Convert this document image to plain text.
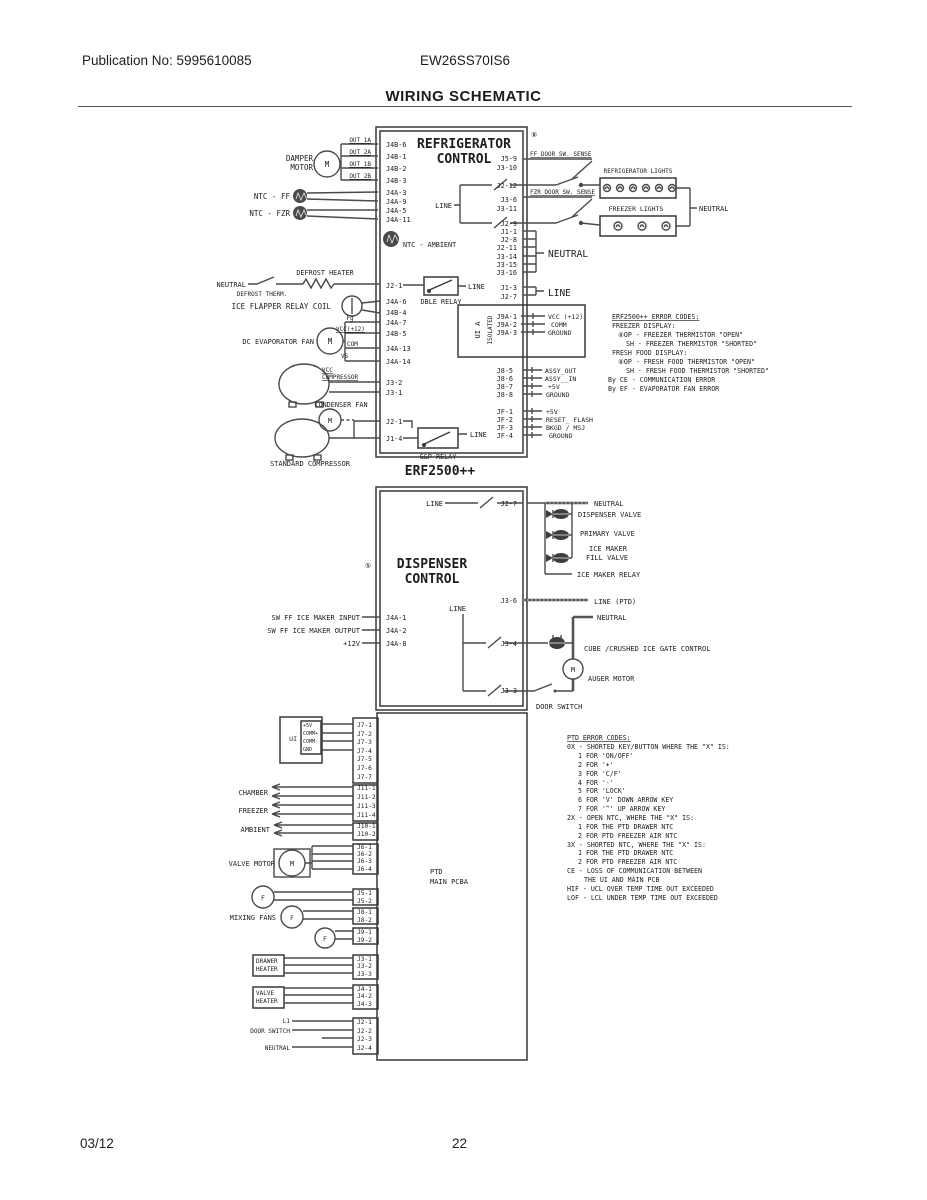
Publication No: 5995610085	EW26SS70IS6
WIRING SCHEMATIC
REFRIGERATOR
CONTROL
⑧
DAMPER
MOTOR M
OUT 1A
OUT 2A
OUT 1B
OUT 2B
J4B-6
J4B-1
J4B-2
J4B-3
J4A-3
J4A-9
J4A-5
J4A-11
NTC - FF
NTC - FZR
J5-9
J3-10
J2-12
FF DOOR SW. SENSE
REFRIGERATOR LIGHTS
FZR DOOR SW. SENSE
FREEZER LIGHTS	NEUTRAL
LINE
J3-6
J3-11
J2-9
J1-1
J2-8
J2-11
J3-14
J3-15
J3-16
NEUTRAL
J1-3
J2-7	LINE
NTC - AMBIENT
NEUTRAL
DEFROST HEATER
DEFROST THERM.
J2-1	LINE
DBLE RELAY
ICE FLAPPER RELAY COIL	J4A-6
J4B-4
DC EVAPORATOR FAN M
Fg
VCC(+12)
COM
VS
J4A-7
J4B-5
J4A-13
J4A-14
VCC
COMPRESSOR
J3-2
J3-1
CONDENSER FAN
M	J2-1
J1-4
G&P RELAY
LINE
STANDARD COMPRESSOR
UI A ISOLATED J9A-1
J9A-2
J9A-3
VCC (+12)
COMM
GROUND
J8-5
J8-6
J8-7
J8-8
ASSY_OUT
ASSY__IN
+5V
GROUND
JF-1
JF-2
JF-3
JF-4
+5V
RESET_ FLASH
BKGD / MSJ
GROUND
ERF2500++
ERF2500++ ERROR CODES:
FREEZER DISPLAY:
⑧OP - FREEZER THERMISTOR "OPEN"
SH - FREEZER THERMISTOR "SHORTED"
FRESH FOOD DISPLAY:
⑧OP - FRESH FOOD THERMISTOR "OPEN"
SH - FRESH FOOD THERMISTOR "SHORTED"
By CE - COMMUNICATION ERROR
By EF - EVAPORATOR FAN ERROR
⑤ DISPENSER
CONTROL
LINE	J2-7	NEUTRAL
DISPENSER VALVE
PRIMARY VALVE
ICE MAKER
FILL VALVE
ICE MAKER RELAY
J3-6	LINE (PTD)
LINE
NEUTRAL
SW FF ICE MAKER INPUT
SW FF ICE MAKER OUTPUT
+12V
J4A-1
J4A-2
J4A-8	J3-4
CUBE /CRUSHED ICE GATE CONTROL
M
AUGER MOTOR
J3-3
DOOR SWITCH
PTD
MAIN PCBA
UI
+5V
COMM+
COMM-
GND
J7-1
J7-2
J7-3
J7-4
J7-5
J7-6
J7-7
J11-1
J11-2
J11-3
J11-4
J10-1
J10-2
J6-1
J6-2
J6-3
J6-4
J5-1
J5-2
J8-1
J8-2
J9-1
J9-2
J3-1
J3-2
J3-3
J4-1
J4-2
J4-3
J2-1
J2-2
J2-3
J2-4
CHAMBER
FREEZER
AMBIENT
VALVE MOTOR M
MIXING FANS
F
F
F
DRAWER
HEATER
VALVE
HEATER
L1
DOOR SWITCH
NEUTRAL
PTD ERROR CODES:
0X - SHORTED KEY/BUTTON WHERE THE "X" IS:
1 FOR 'ON/OFF'
2 FOR '+'
3 FOR 'C/F'
4 FOR '-'
5 FOR 'LOCK'
6 FOR 'V' DOWN ARROW KEY
7 FOR '^' UP ARROW KEY
2X - OPEN NTC, WHERE THE "X" IS:
1 FOR THE PTD DRAWER NTC
2 FOR PTD FREEZER AIR NTC
3X - SHORTED NTC, WHERE THE "X" IS:
1 FOR THE PTD DRAWER NTC
2 FOR PTD FREEZER AIR NTC
CE - LOSS OF COMMUNICATION BETWEEN
THE UI AND MAIN PCB
HIF - UCL OVER TEMP TIME OUT EXCEEDED
LOF - LCL UNDER TEMP TIME OUT EXCEEDED
03/12	22
